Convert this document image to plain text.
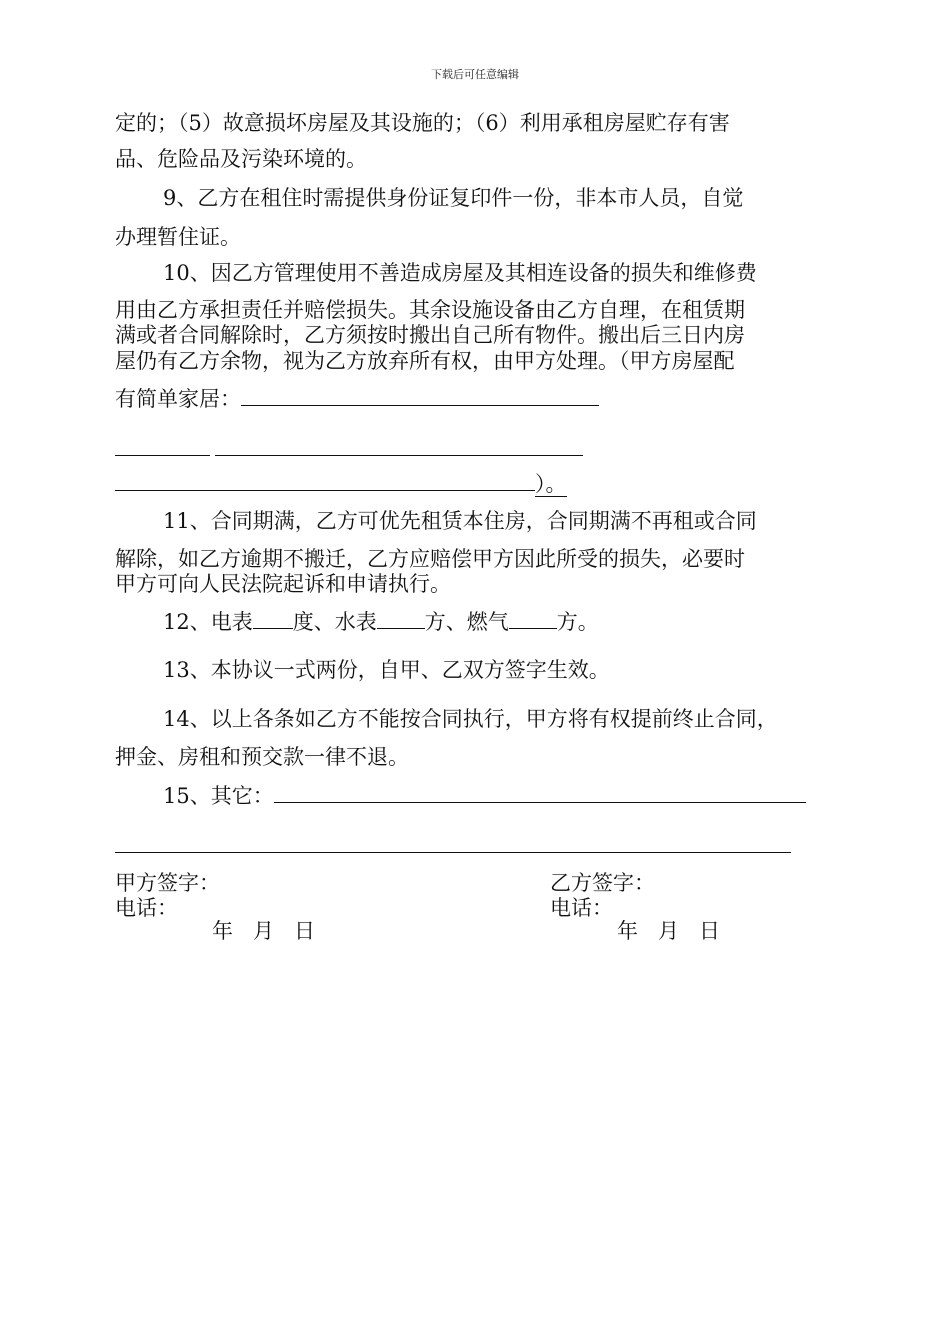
下载后可任意编辑
定的；（5）故意损坏房屋及其设施的；（6）利用承租房屋贮存有害
品、危险品及污染环境的。
9、乙方在租住时需提供身份证复印件一份，非本市人员，自觉
办理暂住证。
10、因乙方管理使用不善造成房屋及其相连设备的损失和维修费
用由乙方承担责任并赔偿损失。其余设施设备由乙方自理，在租赁期
满或者合同解除时，乙方须按时搬出自己所有物件。搬出后三日内房
屋仍有乙方余物，视为乙方放弃所有权，由甲方处理。（甲方房屋配
有简单家居：
）。
11、合同期满，乙方可优先租赁本住房，合同期满不再租或合同
解除，如乙方逾期不搬迁，乙方应赔偿甲方因此所受的损失，必要时
甲方可向人民法院起诉和申请执行。
12、电表 度、水表 方、燃气 方。
13、本协议一式两份，自甲、乙双方签字生效。
14、以上各条如乙方不能按合同执行，甲方将有权提前终止合同，
押金、房租和预交款一律不退。
15、其它：
甲方签字：
电话：
年   月   日
乙方签字：
电话：
年   月   日
